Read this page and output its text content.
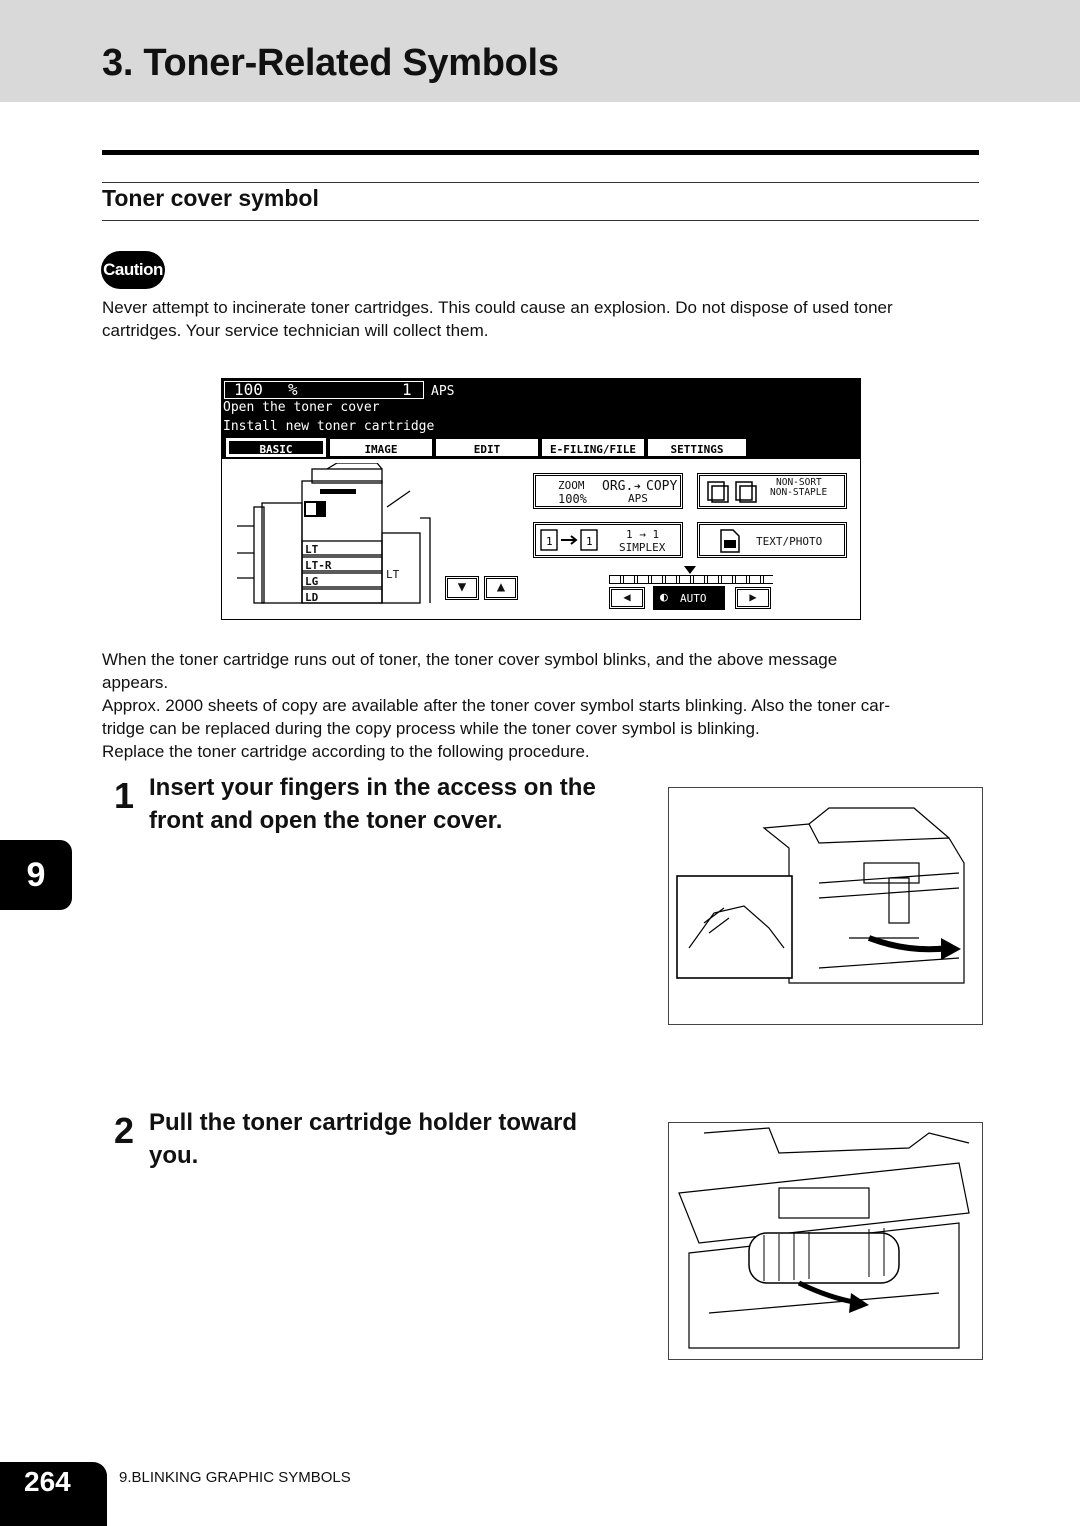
3. Toner-Related Symbols
Toner cover symbol
Caution
Never attempt to incinerate toner cartridges. This could cause an explosion. Do not dispose of used toner
cartridges. Your service technician will collect them.
100 %	1 APS
Open the toner cover
Install new toner cartridge
BASIC	IMAGE	EDIT	E-FILING/FILE	SETTINGS
LT
LT-R
LG
LD
LT
▼	▲
ZOOM
100%
ORG. ➜ COPY
APS
NON-SORT
NON-STAPLE
1	1
1 → 1
SIMPLEX	TEXT/PHOTO
◀	◐ AUTO	▶
When the toner cartridge runs out of toner, the toner cover symbol blinks, and the above message
appears.
Approx. 2000 sheets of copy are available after the toner cover symbol starts blinking. Also the toner car-
tridge can be replaced during the copy process while the toner cover symbol is blinking.
Replace the toner cartridge according to the following procedure.
1 Insert your fingers in the access on the
front and open the toner cover.
2 Pull the toner cartridge holder toward
you.
9
264	9.BLINKING GRAPHIC SYMBOLS
